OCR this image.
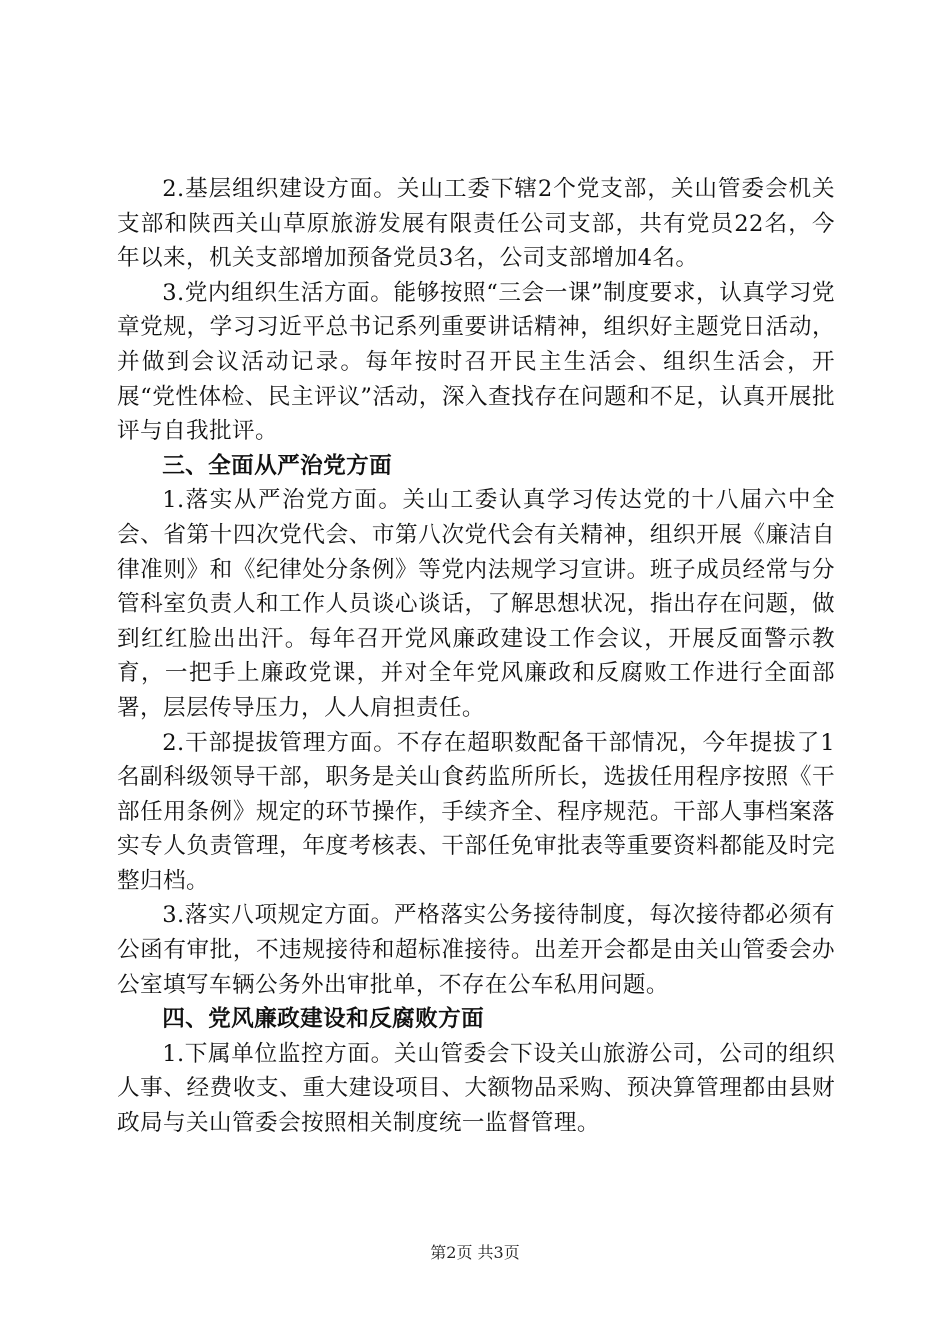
2.基层组织建设方面。关山工委下辖2个党支部，关山管委会机关支部和陕西关山草原旅游发展有限责任公司支部，共有党员22名，今年以来，机关支部增加预备党员3名，公司支部增加4名。

3.党内组织生活方面。能够按照“三会一课”制度要求，认真学习党章党规，学习习近平总书记系列重要讲话精神，组织好主题党日活动，并做到会议活动记录。每年按时召开民主生活会、组织生活会，开展“党性体检、民主评议”活动，深入查找存在问题和不足，认真开展批评与自我批评。

三、全面从严治党方面

1.落实从严治党方面。关山工委认真学习传达党的十八届六中全会、省第十四次党代会、市第八次党代会有关精神，组织开展《廉洁自律准则》和《纪律处分条例》等党内法规学习宣讲。班子成员经常与分管科室负责人和工作人员谈心谈话，了解思想状况，指出存在问题，做到红红脸出出汗。每年召开党风廉政建设工作会议，开展反面警示教育，一把手上廉政党课，并对全年党风廉政和反腐败工作进行全面部署，层层传导压力，人人肩担责任。

2.干部提拔管理方面。不存在超职数配备干部情况，今年提拔了1名副科级领导干部，职务是关山食药监所所长，选拔任用程序按照《干部任用条例》规定的环节操作，手续齐全、程序规范。干部人事档案落实专人负责管理，年度考核表、干部任免审批表等重要资料都能及时完整归档。

3.落实八项规定方面。严格落实公务接待制度，每次接待都必须有公函有审批，不违规接待和超标准接待。出差开会都是由关山管委会办公室填写车辆公务外出审批单，不存在公车私用问题。

四、党风廉政建设和反腐败方面

1.下属单位监控方面。关山管委会下设关山旅游公司，公司的组织人事、经费收支、重大建设项目、大额物品采购、预决算管理都由县财政局与关山管委会按照相关制度统一监督管理。

第2页 共3页
